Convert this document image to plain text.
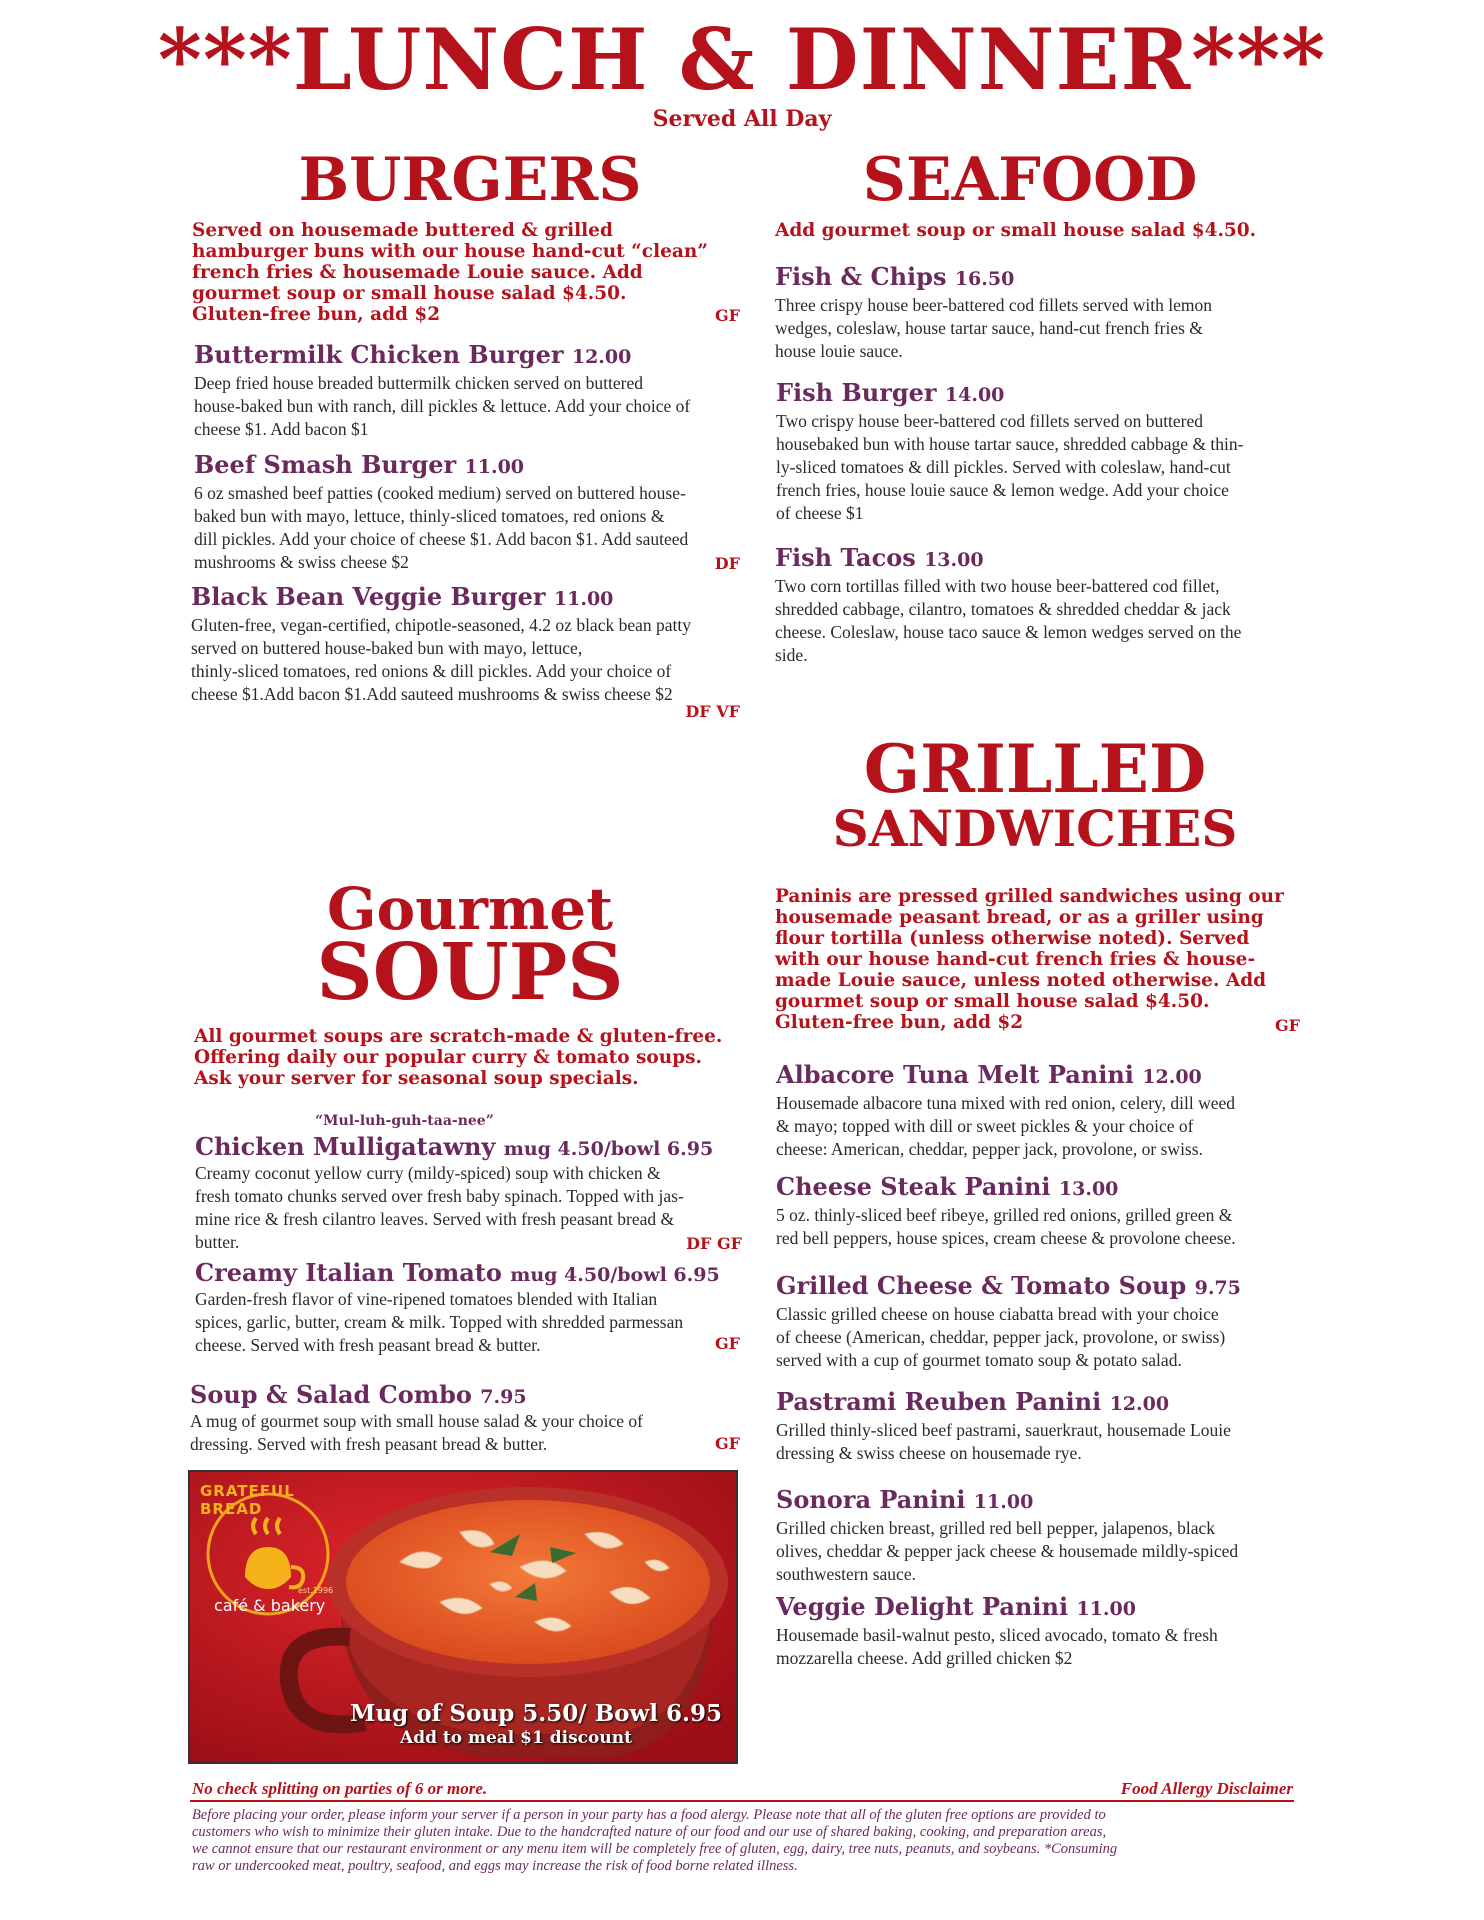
***LUNCH & DINNER***
Served All Day
BURGERS
Served on housemade buttered & grilled
hamburger buns with our house hand-cut “clean”
french fries & housemade Louie sauce. Add
gourmet soup or small house salad $4.50.
Gluten-free bun, add $2	GF
Buttermilk Chicken Burger 12.00
Deep fried house breaded buttermilk chicken served on buttered
house-baked bun with ranch, dill pickles & lettuce. Add your choice of
cheese $1. Add bacon $1
Beef Smash Burger 11.00
6 oz smashed beef patties (cooked medium) served on buttered house-
baked bun with mayo, lettuce, thinly-sliced tomatoes, red onions &
dill pickles. Add your choice of cheese $1. Add bacon $1. Add sauteed
mushrooms & swiss cheese $2	DF
Black Bean Veggie Burger 11.00
Gluten-free, vegan-certified, chipotle-seasoned, 4.2 oz black bean patty
served on buttered house-baked bun with mayo, lettuce,
thinly-sliced tomatoes, red onions & dill pickles. Add your choice of
cheese $1.Add bacon $1.Add sauteed mushrooms & swiss cheese $2
DF VF
SEAFOOD
Add gourmet soup or small house salad $4.50.
Fish & Chips 16.50
Three crispy house beer-battered cod fillets served with lemon
wedges, coleslaw, house tartar sauce, hand-cut french fries &
house louie sauce.
Fish Burger 14.00
Two crispy house beer-battered cod fillets served on buttered
housebaked bun with house tartar sauce, shredded cabbage & thin-
ly-sliced tomatoes & dill pickles. Served with coleslaw, hand-cut
french fries, house louie sauce & lemon wedge. Add your choice
of cheese $1
Fish Tacos 13.00
Two corn tortillas filled with two house beer-battered cod fillet,
shredded cabbage, cilantro, tomatoes & shredded cheddar & jack
cheese. Coleslaw, house taco sauce & lemon wedges served on the
side.
GRILLED
SANDWICHES
Paninis are pressed grilled sandwiches using our
housemade peasant bread, or as a griller using
flour tortilla (unless otherwise noted). Served
with our house hand-cut french fries & house-
made Louie sauce, unless noted otherwise. Add
gourmet soup or small house salad $4.50.
Gluten-free bun, add $2	GF
Albacore Tuna Melt Panini 12.00
Housemade albacore tuna mixed with red onion, celery, dill weed
& mayo; topped with dill or sweet pickles & your choice of
cheese: American, cheddar, pepper jack, provolone, or swiss.
Cheese Steak Panini 13.00
5 oz. thinly-sliced beef ribeye, grilled red onions, grilled green &
red bell peppers, house spices, cream cheese & provolone cheese.
Grilled Cheese & Tomato Soup 9.75
Classic grilled cheese on house ciabatta bread with your choice
of cheese (American, cheddar, pepper jack, provolone, or swiss)
served with a cup of gourmet tomato soup & potato salad.
Pastrami Reuben Panini 12.00
Grilled thinly-sliced beef pastrami, sauerkraut, housemade Louie
dressing & swiss cheese on housemade rye.
Sonora Panini 11.00
Grilled chicken breast, grilled red bell pepper, jalapenos, black
olives, cheddar & pepper jack cheese & housemade mildly-spiced
southwestern sauce.
Veggie Delight Panini 11.00
Housemade basil-walnut pesto, sliced avocado, tomato & fresh
mozzarella cheese. Add grilled chicken $2
Gourmet
SOUPS
All gourmet soups are scratch-made & gluten-free.
Offering daily our popular curry & tomato soups.
Ask your server for seasonal soup specials.
“Mul-luh-guh-taa-nee”
Chicken Mulligatawny mug 4.50/bowl 6.95
Creamy coconut yellow curry (mildy-spiced) soup with chicken &
fresh tomato chunks served over fresh baby spinach. Topped with jas-
mine rice & fresh cilantro leaves. Served with fresh peasant bread &
butter.	DF GF
Creamy Italian Tomato mug 4.50/bowl 6.95
Garden-fresh flavor of vine-ripened tomatoes blended with Italian
spices, garlic, butter, cream & milk. Topped with shredded parmessan
cheese. Served with fresh peasant bread & butter.	GF
Soup & Salad Combo 7.95
A mug of gourmet soup with small house salad & your choice of
dressing. Served with fresh peasant bread & butter.	GF
GRATEFUL BREAD
est.1996
café & bakery
Mug of Soup 5.50/ Bowl 6.95
Add to meal $1 discount
No check splitting on parties of 6 or more.	Food Allergy Disclaimer
Before placing your order, please inform your server if a person in your party has a food alergy. Please note that all of the gluten free options are provided to
customers who wish to minimize their gluten intake. Due to the handcrafted nature of our food and our use of shared baking, cooking, and preparation areas,
we cannot ensure that our restaurant environment or any menu item will be completely free of gluten, egg, dairy, tree nuts, peanuts, and soybeans. *Consuming
raw or undercooked meat, poultry, seafood, and eggs may increase the risk of food borne related illness.
